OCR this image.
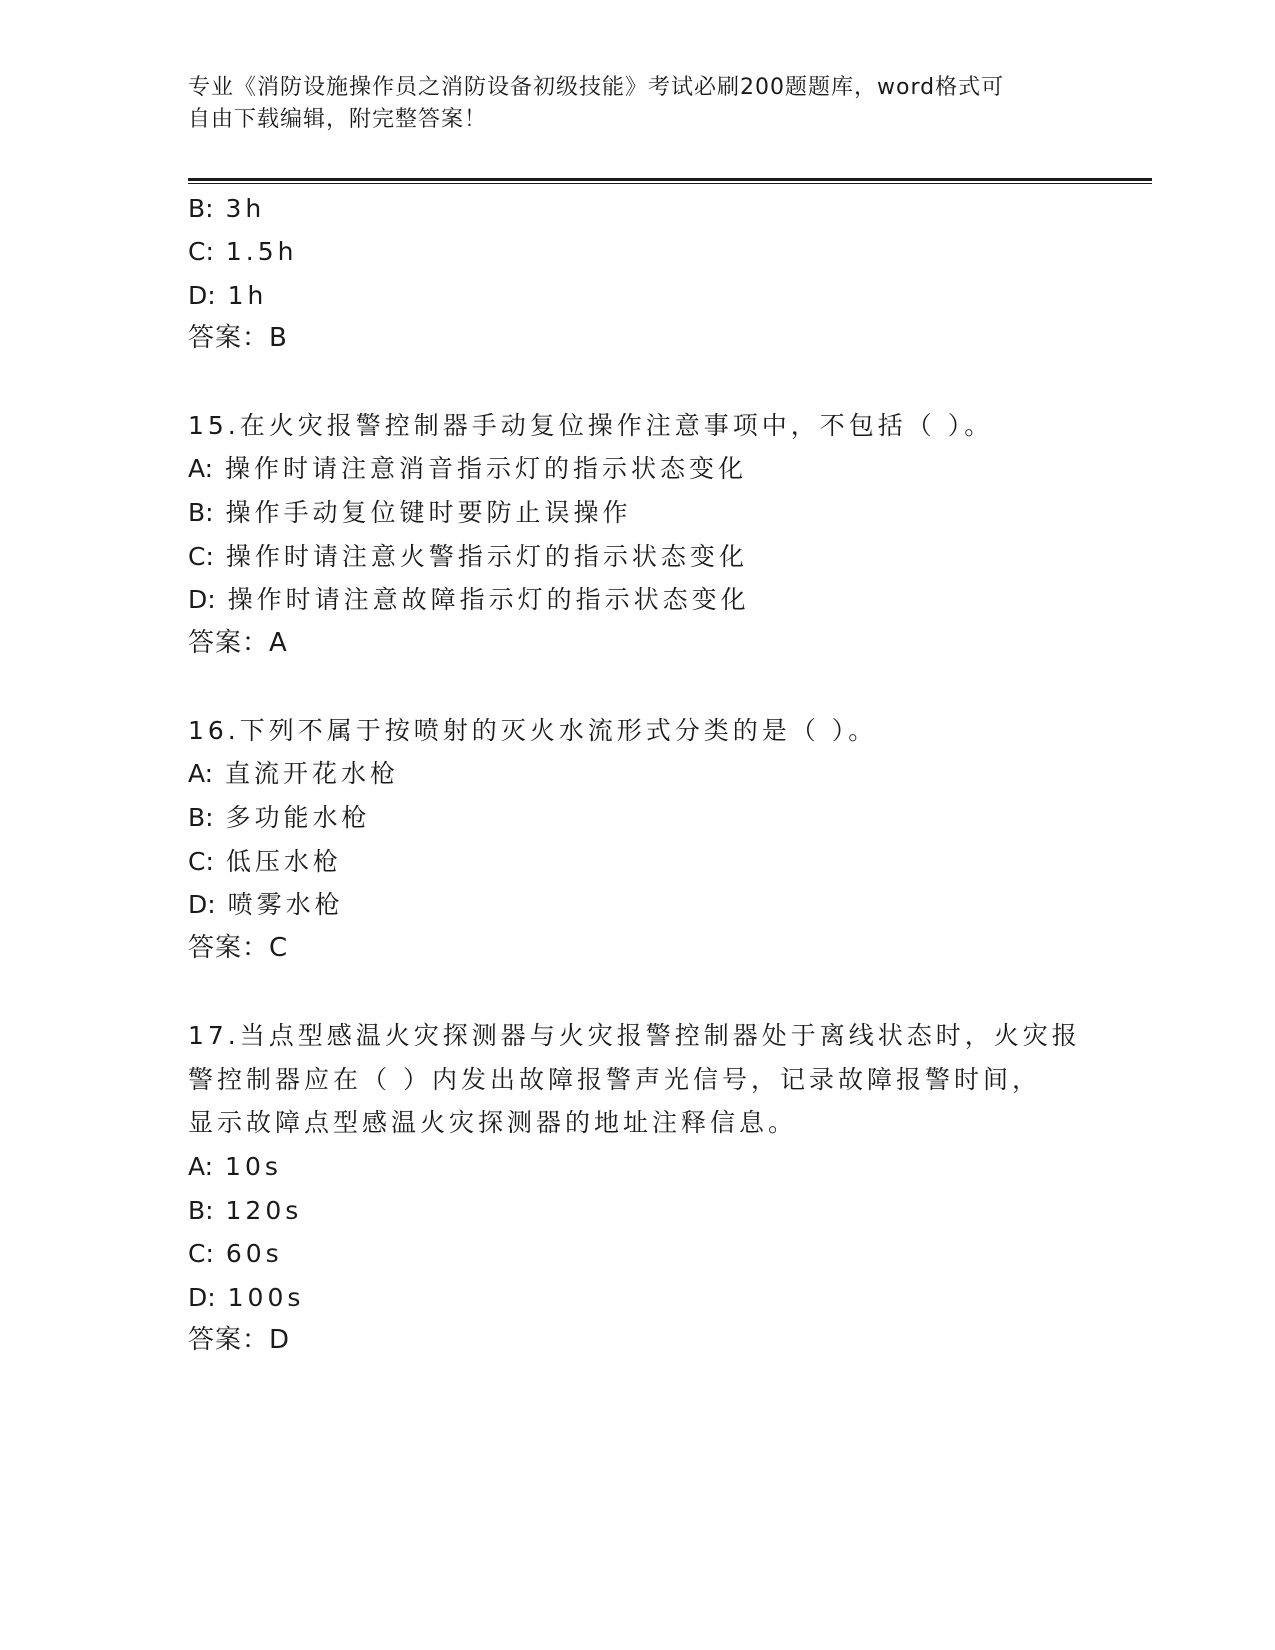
专业《消防设施操作员之消防设备初级技能》考试必刷200题题库，word格式可
自由下载编辑，附完整答案！
B: 3h
C: 1.5h
D: 1h
答案：B
15.在火灾报警控制器手动复位操作注意事项中，不包括（ ）。
A: 操作时请注意消音指示灯的指示状态变化
B: 操作手动复位键时要防止误操作
C: 操作时请注意火警指示灯的指示状态变化
D: 操作时请注意故障指示灯的指示状态变化
答案：A
16.下列不属于按喷射的灭火水流形式分类的是（ ）。
A: 直流开花水枪
B: 多功能水枪
C: 低压水枪
D: 喷雾水枪
答案：C
17.当点型感温火灾探测器与火灾报警控制器处于离线状态时，火灾报
警控制器应在（ ）内发出故障报警声光信号，记录故障报警时间，
显示故障点型感温火灾探测器的地址注释信息。
A: 10s
B: 120s
C: 60s
D: 100s
答案：D
